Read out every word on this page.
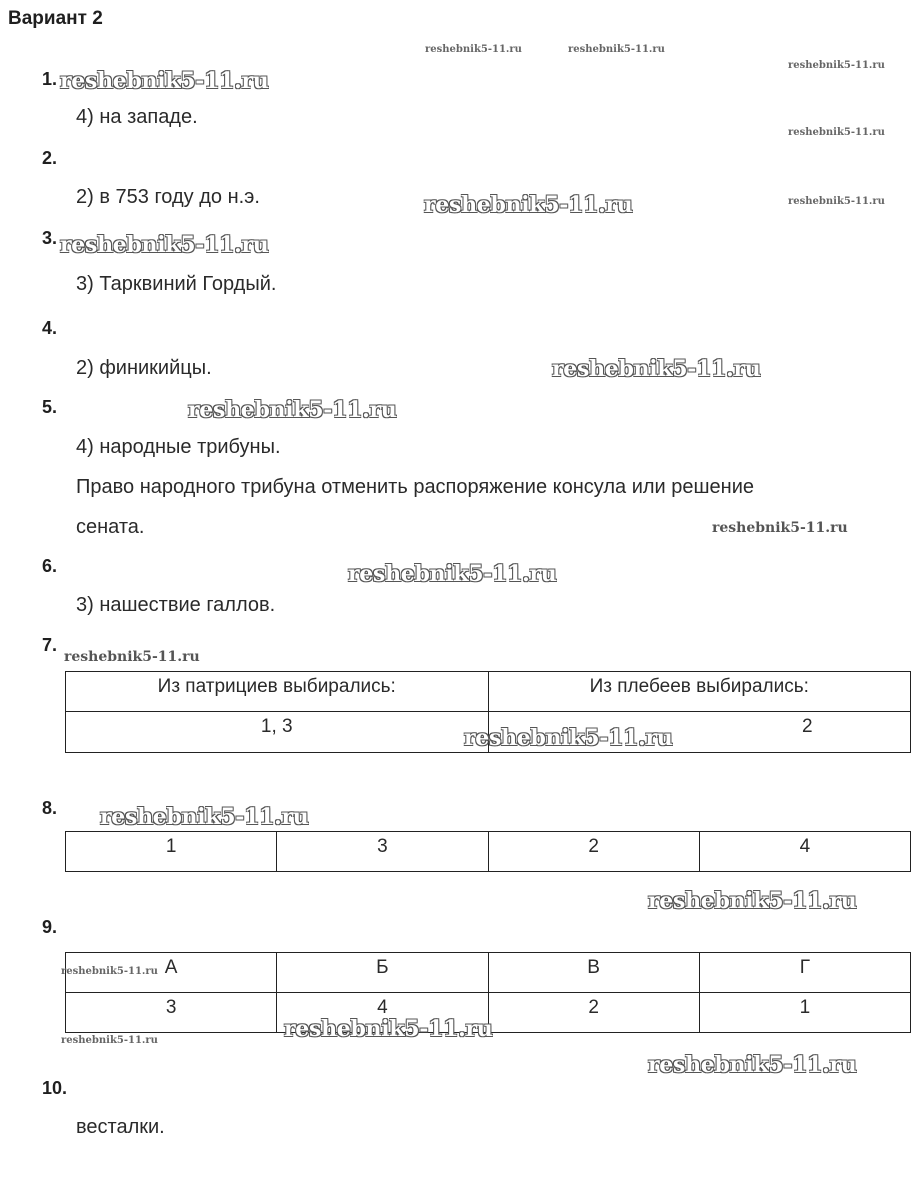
Вариант 2
1.
4) на западе.
2.
2) в 753 году до н.э.
3.
3) Тарквиний Гордый.
4.
2) финикийцы.
5.
4) народные трибуны.
Право народного трибуна отменить распоряжение консула или решение
сената.
6.
3) нашествие галлов.
7.
Из патрициев выбирались:	Из плебеев выбирались:
1, 3	2
8.
1	3	2	4
9.
А	Б	В	Г
3	4	2	1
10.
весталки.
reshebnik5-11.ru	reshebnik5-11.ru
reshebnik5-11.ru
reshebnik5-11.ru
reshebnik5-11.ru
reshebnik5-11.ru
reshebnik5-11.ru
reshebnik5-11.ru
reshebnik5-11.ru
reshebnik5-11.ru
reshebnik5-11.ru
reshebnik5-11.ru
reshebnik5-11.ru
reshebnik5-11.ru
reshebnik5-11.ru
reshebnik5-11.ru
reshebnik5-11.ru
reshebnik5-11.ru
reshebnik5-11.ru
reshebnik5-11.ru
